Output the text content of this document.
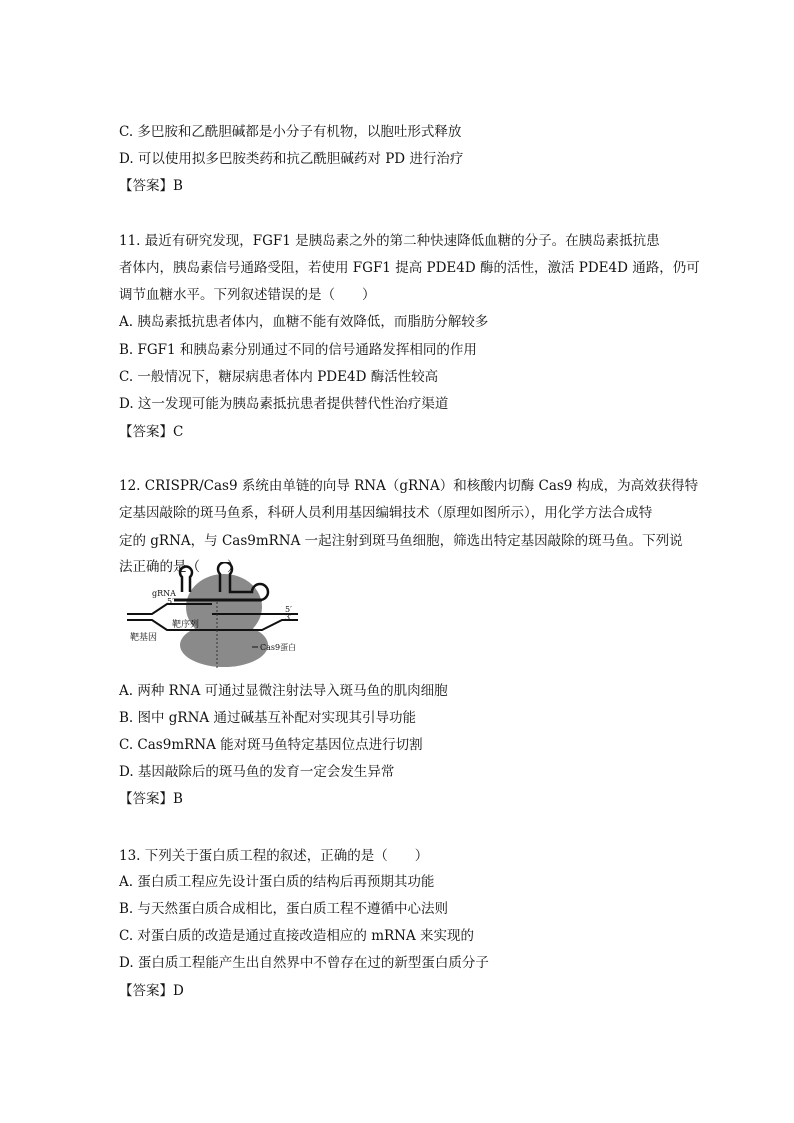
C. 多巴胺和乙酰胆碱都是小分子有机物，以胞吐形式释放
D. 可以使用拟多巴胺类药和抗乙酰胆碱药对 PD 进行治疗
【答案】B
11. 最近有研究发现，FGF1 是胰岛素之外的第二种快速降低血糖的分子。在胰岛素抵抗患
者体内，胰岛素信号通路受阻，若使用 FGF1 提高 PDE4D 酶的活性，激活 PDE4D 通路，仍可
调节血糖水平。下列叙述错误的是（　　）
A. 胰岛素抵抗患者体内，血糖不能有效降低，而脂肪分解较多
B. FGF1 和胰岛素分别通过不同的信号通路发挥相同的作用
C. 一般情况下，糖尿病患者体内 PDE4D 酶活性较高
D. 这一发现可能为胰岛素抵抗患者提供替代性治疗渠道
【答案】C
12. CRISPR/Cas9 系统由单链的向导 RNA（gRNA）和核酸内切酶 Cas9 构成，为高效获得特
定基因敲除的斑马鱼系，科研人员利用基因编辑技术（原理如图所示），用化学方法合成特
定的 gRNA，与 Cas9mRNA 一起注射到斑马鱼细胞，筛选出特定基因敲除的斑马鱼。下列说
法正确的是（　　）
gRNA
5′
5′
3′
靶序列
靶基因
Cas9蛋白
A. 两种 RNA 可通过显微注射法导入斑马鱼的肌肉细胞
B. 图中 gRNA 通过碱基互补配对实现其引导功能
C. Cas9mRNA 能对斑马鱼特定基因位点进行切割
D. 基因敲除后的斑马鱼的发育一定会发生异常
【答案】B
13. 下列关于蛋白质工程的叙述，正确的是（　　）
A. 蛋白质工程应先设计蛋白质的结构后再预期其功能
B. 与天然蛋白质合成相比，蛋白质工程不遵循中心法则
C. 对蛋白质的改造是通过直接改造相应的 mRNA 来实现的
D. 蛋白质工程能产生出自然界中不曾存在过的新型蛋白质分子
【答案】D
